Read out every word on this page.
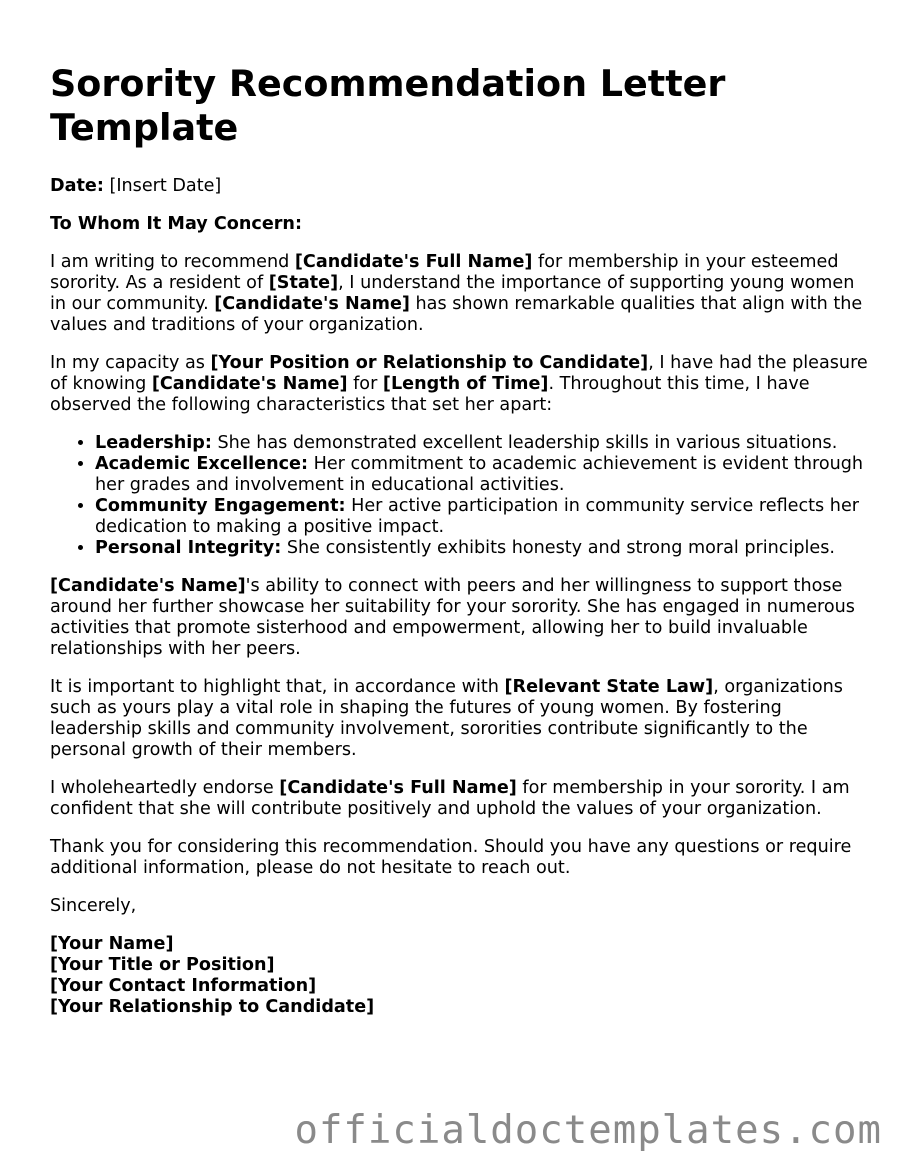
Sorority Recommendation Letter Template

Date: [Insert Date]

To Whom It May Concern:

I am writing to recommend [Candidate's Full Name] for membership in your esteemed sorority. As a resident of [State], I understand the importance of supporting young women in our community. [Candidate's Name] has shown remarkable qualities that align with the values and traditions of your organization.

In my capacity as [Your Position or Relationship to Candidate], I have had the pleasure of knowing [Candidate's Name] for [Length of Time]. Throughout this time, I have observed the following characteristics that set her apart:

• Leadership: She has demonstrated excellent leadership skills in various situations.
• Academic Excellence: Her commitment to academic achievement is evident through her grades and involvement in educational activities.
• Community Engagement: Her active participation in community service reflects her dedication to making a positive impact.
• Personal Integrity: She consistently exhibits honesty and strong moral principles.

[Candidate's Name]'s ability to connect with peers and her willingness to support those around her further showcase her suitability for your sorority. She has engaged in numerous activities that promote sisterhood and empowerment, allowing her to build invaluable relationships with her peers.

It is important to highlight that, in accordance with [Relevant State Law], organizations such as yours play a vital role in shaping the futures of young women. By fostering leadership skills and community involvement, sororities contribute significantly to the personal growth of their members.

I wholeheartedly endorse [Candidate's Full Name] for membership in your sorority. I am confident that she will contribute positively and uphold the values of your organization.

Thank you for considering this recommendation. Should you have any questions or require additional information, please do not hesitate to reach out.

Sincerely,

[Your Name]
[Your Title or Position]
[Your Contact Information]
[Your Relationship to Candidate]
officialdoctemplates.com
